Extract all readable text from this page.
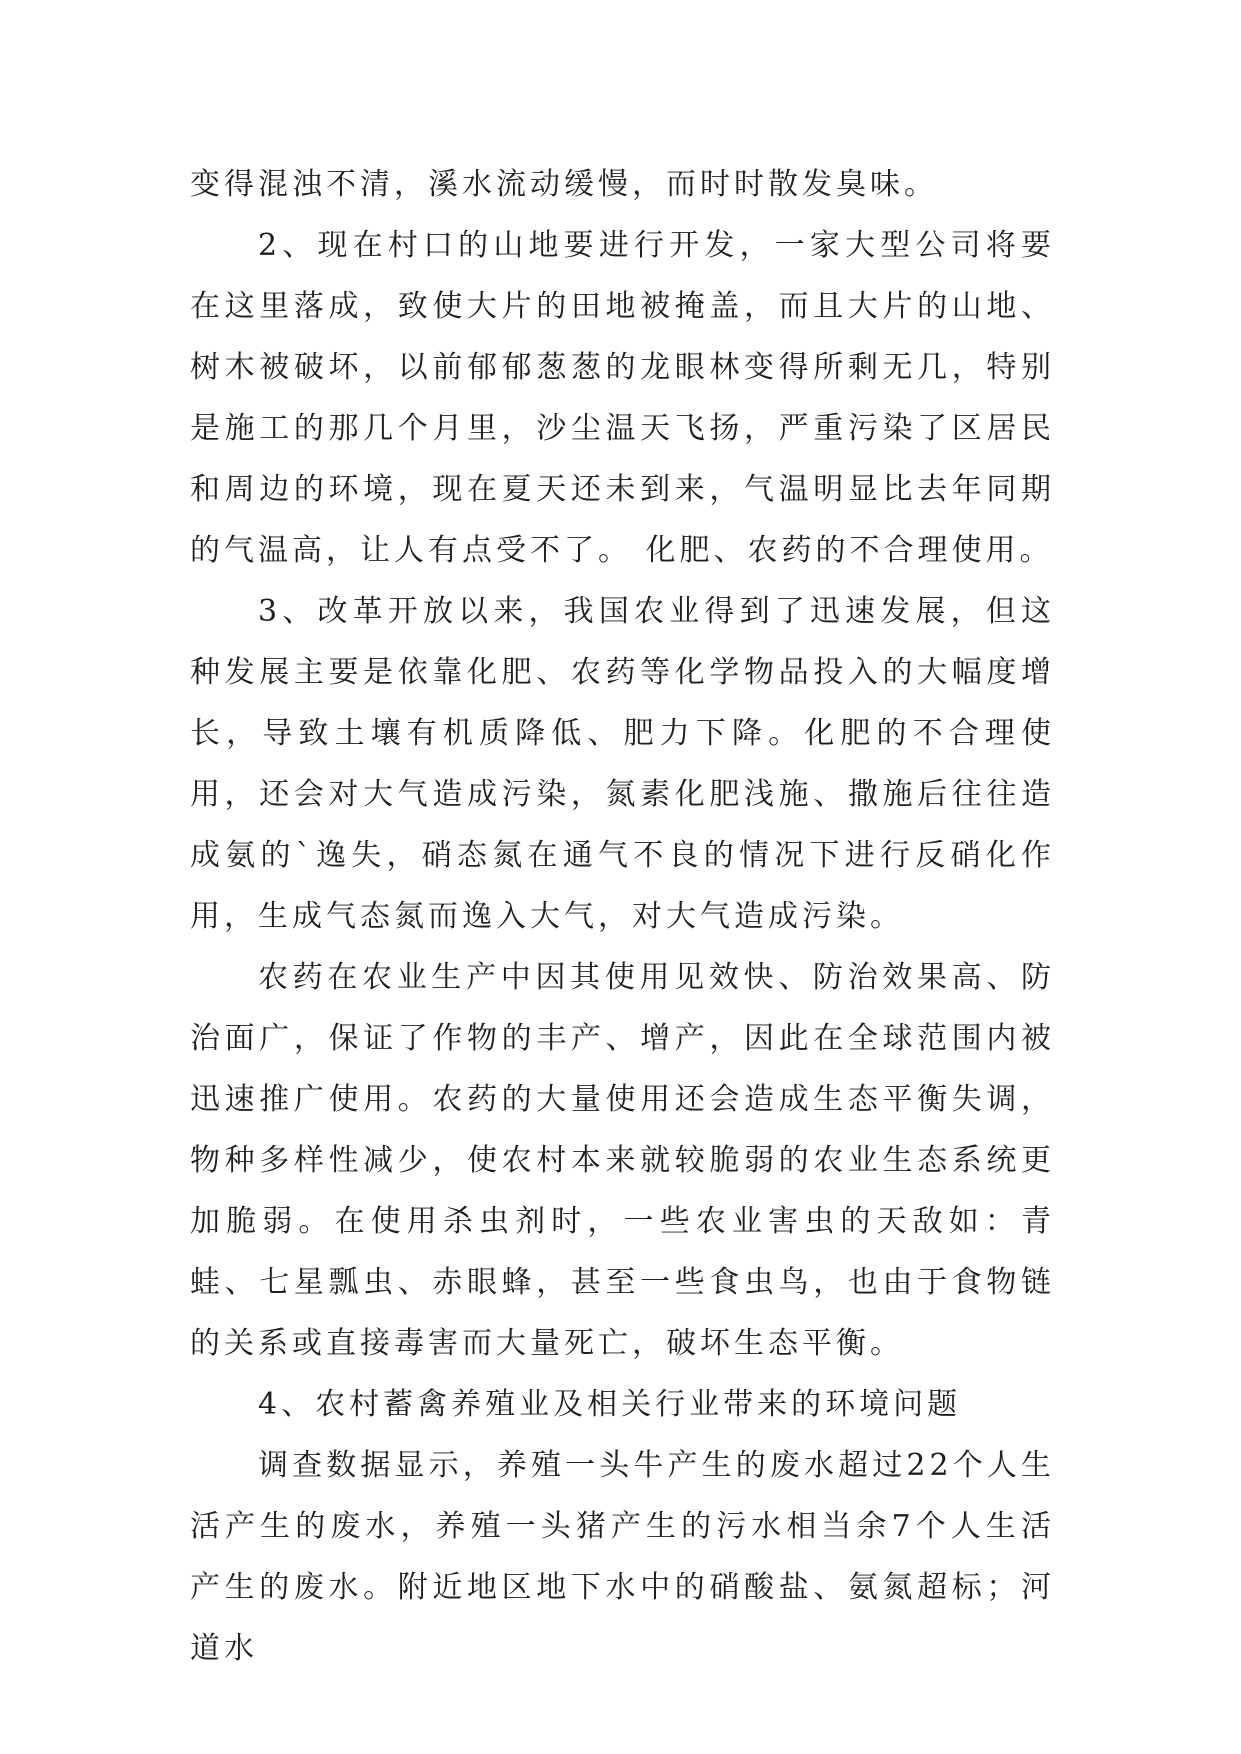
变得混浊不清，溪水流动缓慢，而时时散发臭味。

2、现在村口的山地要进行开发，一家大型公司将要在这里落成，致使大片的田地被掩盖，而且大片的山地、树木被破坏，以前郁郁葱葱的龙眼林变得所剩无几，特别是施工的那几个月里，沙尘温天飞扬，严重污染了区居民和周边的环境，现在夏天还未到来，气温明显比去年同期的气温高，让人有点受不了。 化肥、农药的不合理使用。

3、改革开放以来，我国农业得到了迅速发展，但这种发展主要是依靠化肥、农药等化学物品投入的大幅度增长，导致土壤有机质降低、肥力下降。化肥的不合理使用，还会对大气造成污染，氮素化肥浅施、撒施后往往造成氨的`逸失，硝态氮在通气不良的情况下进行反硝化作用，生成气态氮而逸入大气，对大气造成污染。

农药在农业生产中因其使用见效快、防治效果高、防治面广，保证了作物的丰产、增产，因此在全球范围内被迅速推广使用。农药的大量使用还会造成生态平衡失调，物种多样性减少，使农村本来就较脆弱的农业生态系统更加脆弱。在使用杀虫剂时，一些农业害虫的天敌如：青蛙、七星瓢虫、赤眼蜂，甚至一些食虫鸟，也由于食物链的关系或直接毒害而大量死亡，破坏生态平衡。

4、农村蓄禽养殖业及相关行业带来的环境问题

调查数据显示，养殖一头牛产生的废水超过22个人生活产生的废水，养殖一头猪产生的污水相当余7个人生活产生的废水。附近地区地下水中的硝酸盐、氨氮超标；河道水
